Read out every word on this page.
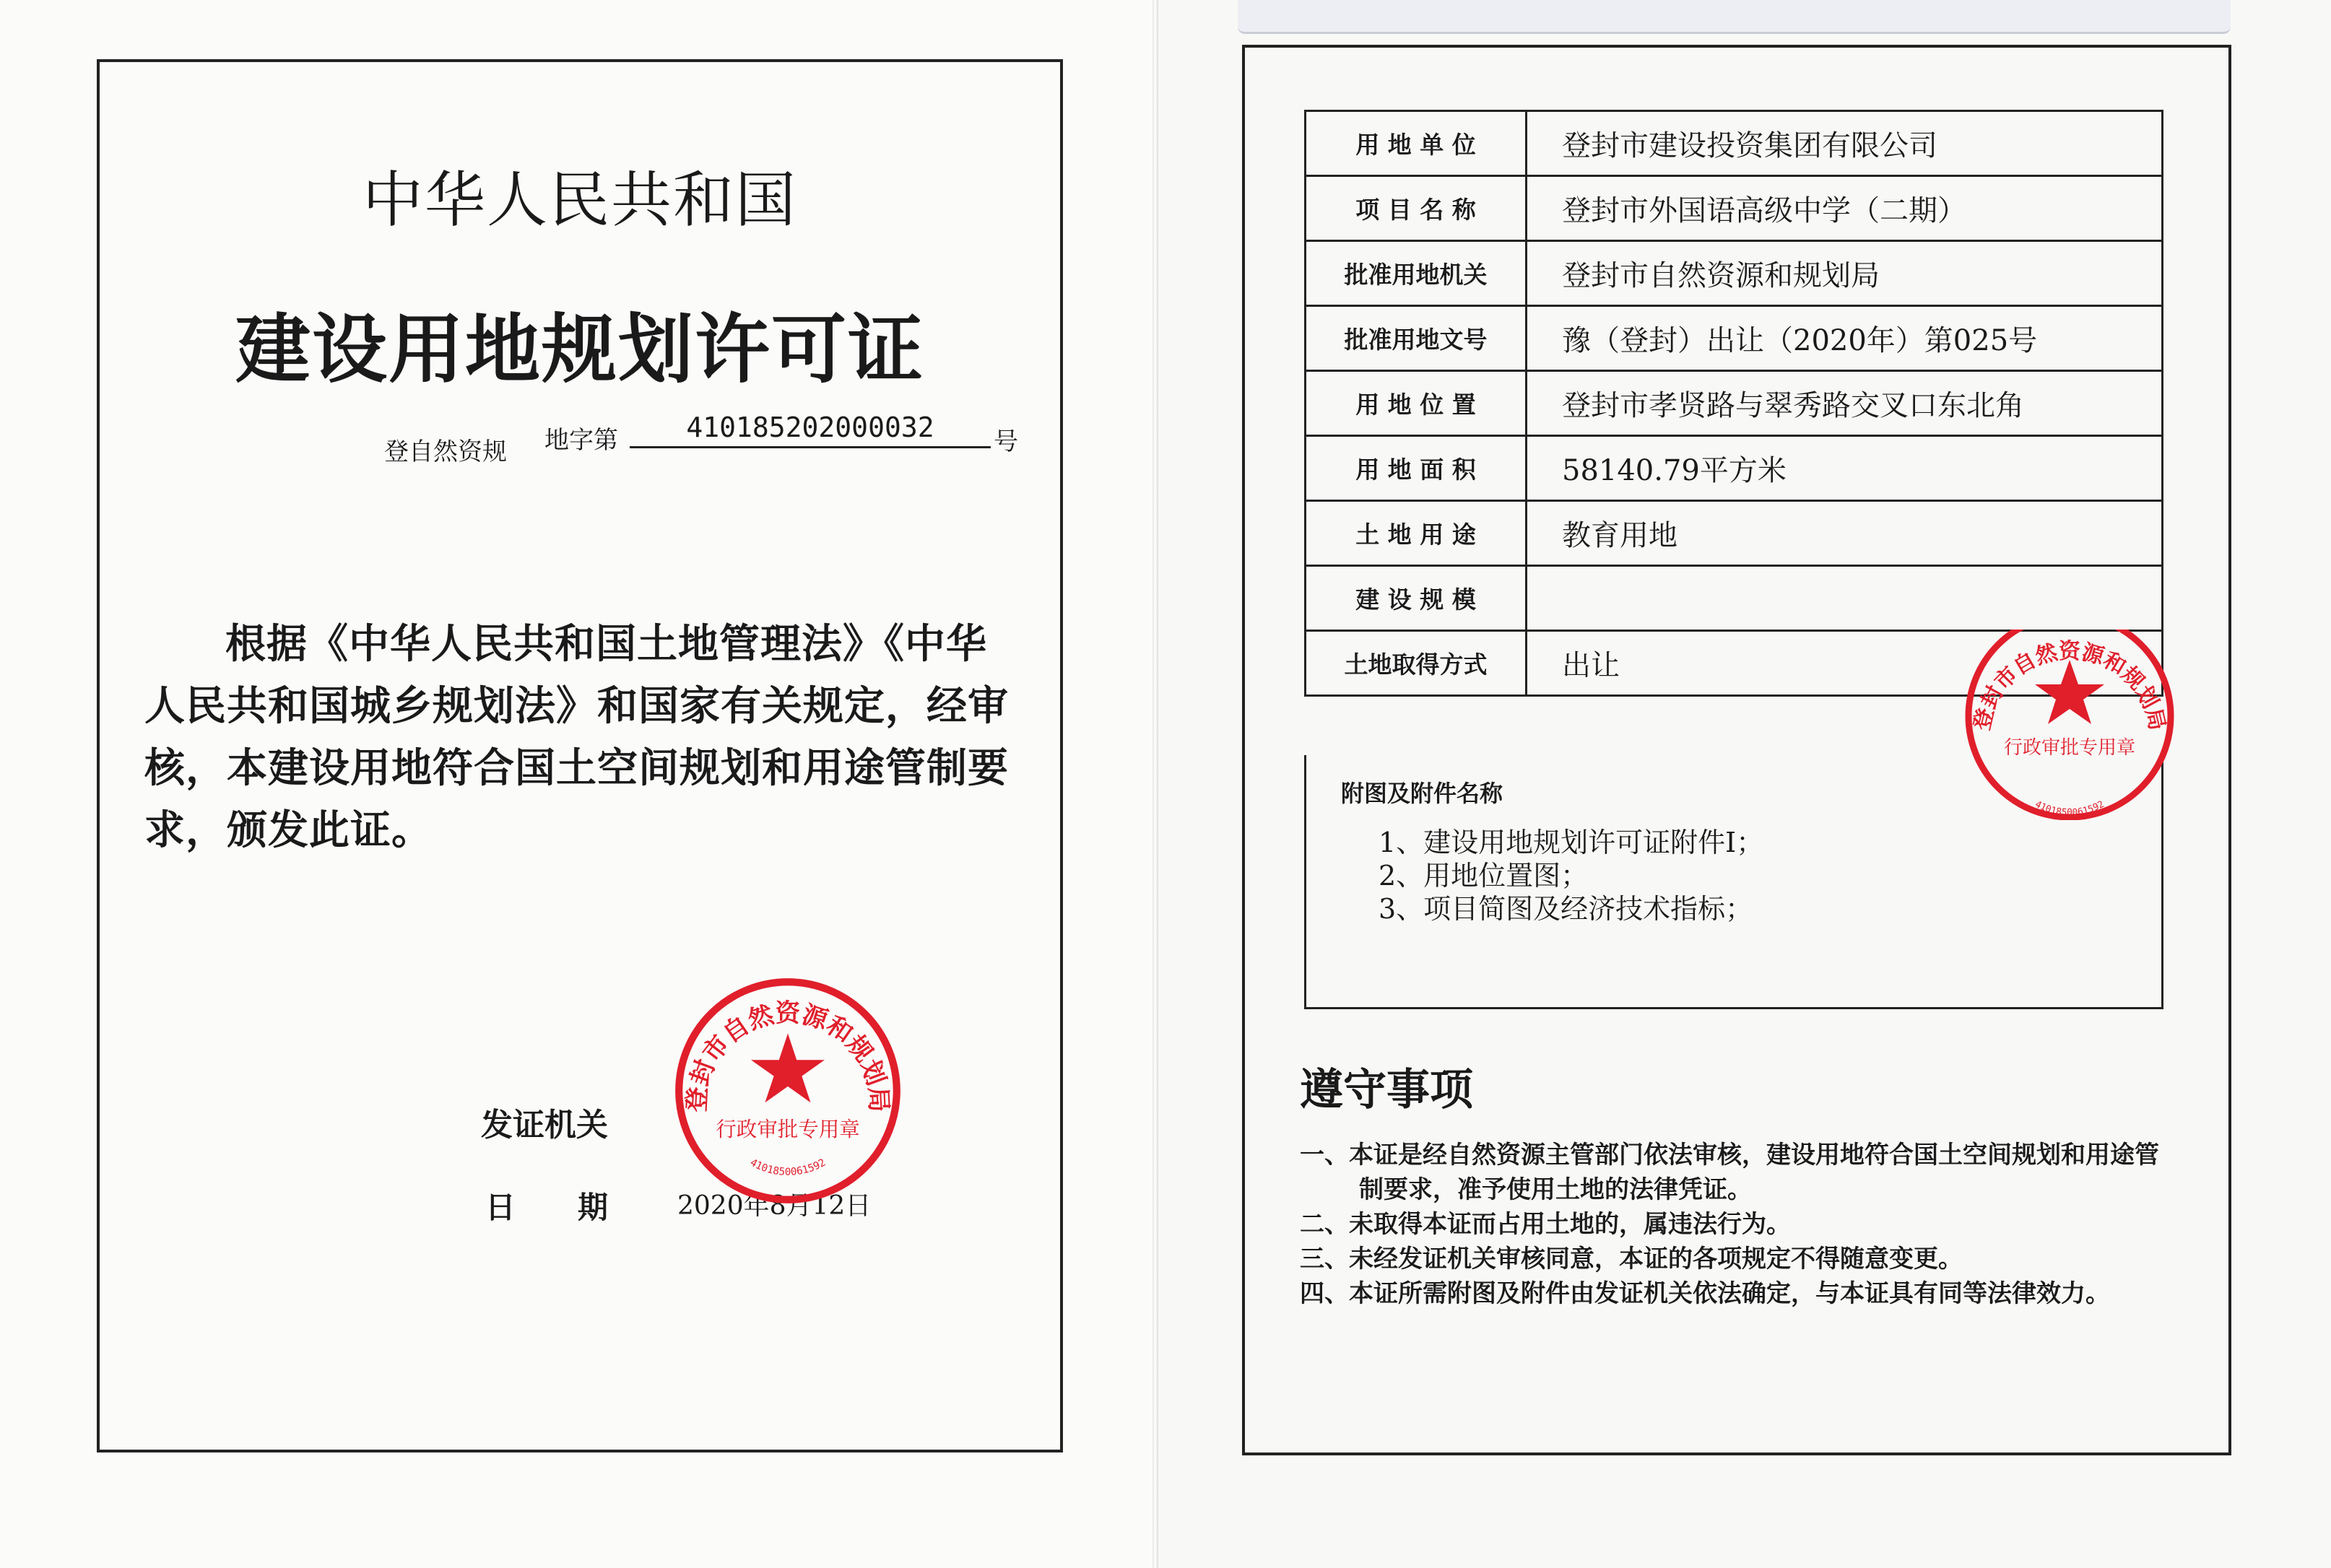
中华人民共和国
建设用地规划许可证
登自然资规 地字第	410185202000032	号
根据《中华人民共和国土地管理法》《中华人民共和国城乡规划法》和国家有关规定，经审核，本建设用地符合国土空间规划和用途管制要求，颁发此证。
发证机关
日期 2020年8月12日
登封市自然资源和规划局
行政审批专用章
4101850061592
用 地 单 位	登封市建设投资集团有限公司
项 目 名 称	登封市外国语高级中学（二期）
批准用地机关	登封市自然资源和规划局
批准用地文号	豫（登封）出让（2020年）第025号
用 地 位 置	登封市孝贤路与翠秀路交叉口东北角
用 地 面 积	58140.79平方米
土 地 用 途	教育用地
建 设 规 模	
土地取得方式	出让
附图及附件名称
1、建设用地规划许可证附件I；
2、用地位置图；
3、项目简图及经济技术指标；
登封市自然资源和规划局
行政审批专用章
4101850061592
遵守事项
一、本证是经自然资源主管部门依法审核，建设用地符合国土空间规划和用途管制要求，准予使用土地的法律凭证。
二、未取得本证而占用土地的，属违法行为。
三、未经发证机关审核同意，本证的各项规定不得随意变更。
四、本证所需附图及附件由发证机关依法确定，与本证具有同等法律效力。
